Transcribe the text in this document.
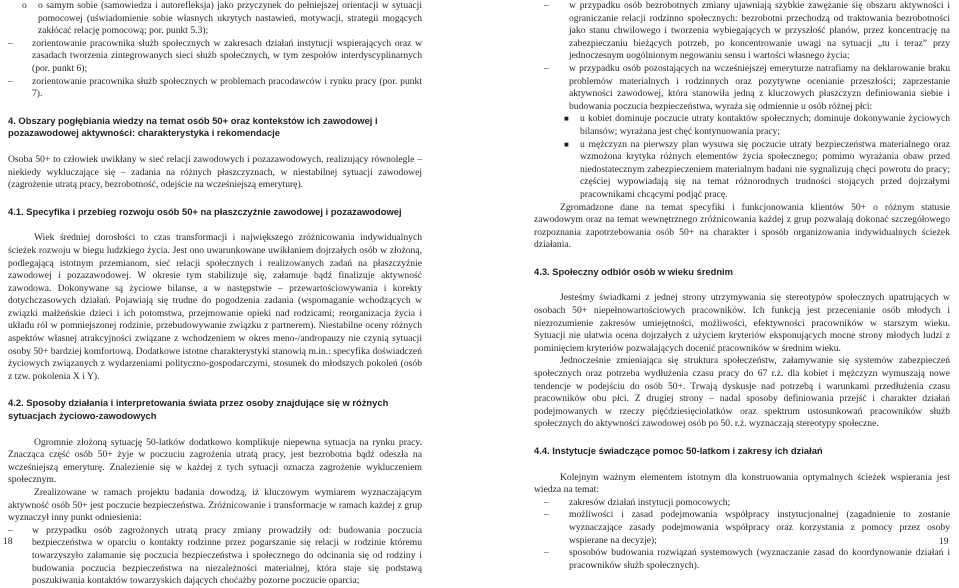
o o samym sobie (samowiedza i autorefleksja) jako przyczynek do pełniejszej orientacji w sytuacji pomocowej (uświadomienie sobie własnych ukrytych nastawień, motywacji, strategii mogących zakłócać relację pomocową; por. punkt 5.3);
– zorientowanie pracownika służb społecznych w zakresach działań instytucji wspierających oraz w zasadach tworzenia zintegrowanych sieci służb społecznych, w tym zespołów interdyscyplinarnych (por. punkt 6);
– zorientowanie pracownika służb społecznych w problemach pracodawców i rynku pracy (por. punkt 7).
4. Obszary pogłębiania wiedzy na temat osób 50+ oraz kontekstów ich zawodowej i pozazawodowej aktywności: charakterystyka i rekomendacje

Osoba 50+ to człowiek uwikłany w sieć relacji zawodowych i pozazawodowych, realizujący równolegle – niekiedy wykluczające się – zadania na różnych płaszczyznach, w niestabilnej sytuacji zawodowej (zagrożenie utratą pracy, bezrobotność, odejście na wcześniejszą emeryturę).

4.1. Specyfika i przebieg rozwoju osób 50+ na płaszczyźnie zawodowej i pozazawodowej

Wiek średniej dorosłości to czas transformacji i największego zróżnicowania indywidualnych ścieżek rozwoju w biegu ludzkiego życia. Jest ono uwarunkowane uwikłaniem dojrzałych osób w złożoną, podlegającą istotnym przemianom, sieć relacji społecznych i realizowanych zadań na płaszczyźnie zawodowej i pozazawodowej. W okresie tym stabilizuje się, załamuje bądź finalizuje aktywność zawodowa. Dokonywane są życiowe bilanse, a w następstwie – przewartościowywania i korekty dotychczasowych działań. Pojawiają się trudne do pogodzenia zadania (wspomaganie wchodzących w związki małżeńskie dzieci i ich potomstwa, przejmowanie opieki nad rodzicami; reorganizacja życia i układu ról w pomniejszonej rodzinie, przebudowywanie związku z partnerem). Niestabilne oceny różnych aspektów własnej atrakcyjności związane z wchodzeniem w okres meno-/andropauzy nie czynią sytuacji osoby 50+ bardziej komfortową. Dodatkowe istotne charakterystyki stanowią m.in.: specyfika doświadczeń życiowych związanych z wydarzeniami polityczno-gospodarczymi, stosunek do młodszych pokoleń (osób z tzw. pokolenia X i Y).

4.2. Sposoby działania i interpretowania świata przez osoby znajdujące się w różnych sytuacjach życiowo-zawodowych

Ogromnie złożoną sytuację 50-latków dodatkowo komplikuje niepewna sytuacja na rynku pracy. Znacząca część osób 50+ żyje w poczuciu zagrożenia utratą pracy, jest bezrobotna bądź odeszła na wcześniejszą emeryturę. Znalezienie się w każdej z tych sytuacji oznacza zagrożenie wykluczeniem społecznym.

Zrealizowane w ramach projektu badania dowodzą, iż kluczowym wymiarem wyznaczającym aktywność osób 50+ jest poczucie bezpieczeństwa. Zróżnicowanie i transformacje w ramach każdej z grup wyznaczył inny punkt odniesienia:

– w przypadku osób zagrożonych utratą pracy zmiany prowadziły od: budowania poczucia bezpieczeństwa w oparciu o kontakty rodzinne przez pogarszanie się relacji w rodzinie któremu towarzyszyło załamanie się poczucia bezpieczeństwa i społecznego do odcinania się od rodziny i budowania poczucia bezpieczeństwa na niezależności materialnej, która staje się podstawą poszukiwania kontaktów towarzyskich dających choćażby pozorne poczucie oparcia;
– w przypadku osób bezrobotnych zmiany ujawniają szybkie zawężanie się obszaru aktywności i ograniczanie relacji rodzinno społecznych: bezrobotni przechodzą od traktowania bezrobotności jako stanu chwilowego i tworzenia wybiegających w przyszłość planów, przez koncentrację na zabezpieczaniu bieżących potrzeb, po koncentrowanie uwagi na sytuacji „tu i teraz” przy jednoczesnym uogólnionym negowaniu sensu i wartości własnego życia;
– w przypadku osób pozostających na wcześniejszej emeryturze natrafiamy na deklarowanie braku problemów materialnych i rodzinnych oraz pozytywne ocenianie przeszłości; zaprzestanie aktywności zawodowej, która stanowiła jedną z kluczowych płaszczyzn definiowania siebie i budowania poczucia bezpieczeństwa, wyraża się odmiennie u osób różnej płci:
■ u kobiet dominuje poczucie utraty kontaktów społecznych; dominuje dokonywanie życiowych bilansów; wyrażana jest chęć kontynuowania pracy;
■ u mężczyzn na pierwszy plan wysuwa się poczucie utraty bezpieczeństwa materialnego oraz wzmożona krytyka różnych elementów życia społecznego; pomimo wyrażania obaw przed niedostatecznym zabezpieczeniem materialnym badani nie sygnalizują chęci powrotu do pracy; częściej wypowiadają się na temat różnorodnych trudności stojących przed dojrzałymi pracownikami chcącymi podjąć pracę.

Zgromadzone dane na temat specyfiki i funkcjonowania klientów 50+ o różnym statusie zawodowym oraz na temat wewnętrznego zróżnicowania każdej z grup pozwalają dokonać szczegółowego rozpoznania zapotrzebowania osób 50+ na charakter i sposób organizowania indywidualnych ścieżek działania.

4.3. Społeczny odbiór osób w wieku średnim

Jesteśmy świadkami z jednej strony utrzymywania się stereotypów społecznych upatrujących w osobach 50+ niepełnowartościowych pracowników. Ich funkcją jest przecenianie osób młodych i niezrozumienie zakresów umiejętności, możliwości, efektywności pracowników w starszym wieku. Sytuacji nie ułatwia ocena dojrzałych z użyciem kryteriów eksponujących mocne strony młodych ludzi z pominięciem kryteriów pozwalających docenić pracowników w średnim wieku.

Jednocześnie zmieniająca się struktura społeczeństw, załamywanie się systemów zabezpieczeń społecznych oraz potrzeba wydłużenia czasu pracy do 67 r.ż. dla kobiet i mężczyzn wymuszają nowe tendencje w podejściu do osób 50+. Trwają dyskusje nad potrzebą i warunkami przedłużenia czasu pracowników obu płci. Z drugiej strony – nadal sposoby definiowania przejść i charakter działań podejmowanych w rzeczy pięćdziesięciolatków oraz spektrum ustosunkowań pracowników służb społecznych do aktywności zawodowej osób po 50. r.ż. wyznaczają stereotypy społeczne.

4.4. Instytucje świadczące pomoc 50-latkom i zakresy ich działań

Kolejnym ważnym elementem istotnym dla konstruowania optymalnych ścieżek wspierania jest wiedza na temat:

– zakresów działań instytucji pomocowych;
– możliwości i zasad podejmowania współpracy instytucjonalnej (zagadnienie to zostanie wyznaczające zasady podejmowania współpracy oraz korzystania z pomocy przez osoby wspierane na decyzje);
– sposobów budowania rozwiązań systemowych (wyznaczanie zasad do koordynowanie działań i pracowników służb społecznych).
18	19
